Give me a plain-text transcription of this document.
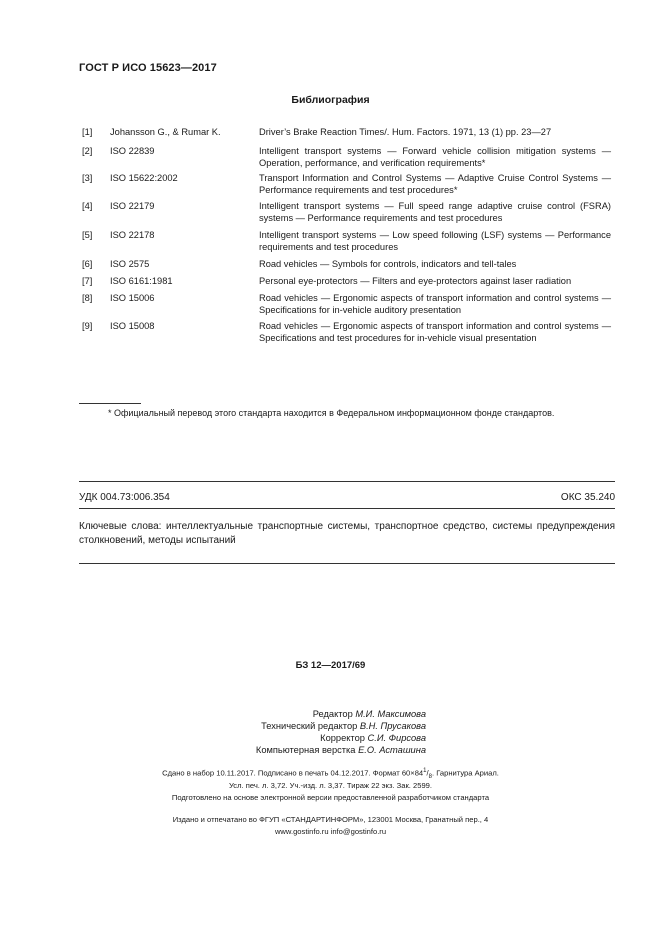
ГОСТ Р ИСО 15623—2017
Библиография
[1] Johansson G., & Rumar K.	Driver’s Brake Reaction Times/. Hum. Factors. 1971, 13 (1) pp. 23—27
[2] ISO 22839	Intelligent transport systems — Forward vehicle collision mitigation systems — Operation, performance, and verification requirements*
[3] ISO 15622:2002	Transport Information and Control Systems — Adaptive Cruise Control Systems — Performance requirements and test procedures*
[4] ISO 22179	Intelligent transport systems — Full speed range adaptive cruise control (FSRA) systems — Performance requirements and test procedures
[5] ISO 22178	Intelligent transport systems — Low speed following (LSF) systems — Performance requirements and test procedures
[6] ISO 2575	Road vehicles — Symbols for controls, indicators and tell-tales
[7] ISO 6161:1981	Personal eye-protectors — Filters and eye-protectors against laser radiation
[8] ISO 15006	Road vehicles — Ergonomic aspects of transport information and control systems — Specifications for in-vehicle auditory presentation
[9] ISO 15008	Road vehicles — Ergonomic aspects of transport information and control systems — Specifications and test procedures for in-vehicle visual presentation
* Официальный перевод этого стандарта находится в Федеральном информационном фонде стандартов.
УДК 004.73:006.354	ОКС 35.240
Ключевые слова: интеллектуальные транспортные системы, транспортное средство, системы предупреждения столкновений, методы испытаний
БЗ 12—2017/69
Редактор М.И. Максимова
Технический редактор В.Н. Прусакова
Корректор С.И. Фирсова
Компьютерная верстка Е.О. Асташина
Сдано в набор 10.11.2017. Подписано в печать 04.12.2017. Формат $60\times 84^1/_8$. Гарнитура Ариал.
Усл. печ. л. 3,72. Уч.-изд. л. 3,37. Тираж 22 экз. Зак. 2599.
Подготовлено на основе электронной версии предоставленной разработчиком стандарта
Издано и отпечатано во ФГУП «СТАНДАРТИНФОРМ», 123001 Москва, Гранатный пер., 4
www.gostinfo.ru info@gostinfo.ru
